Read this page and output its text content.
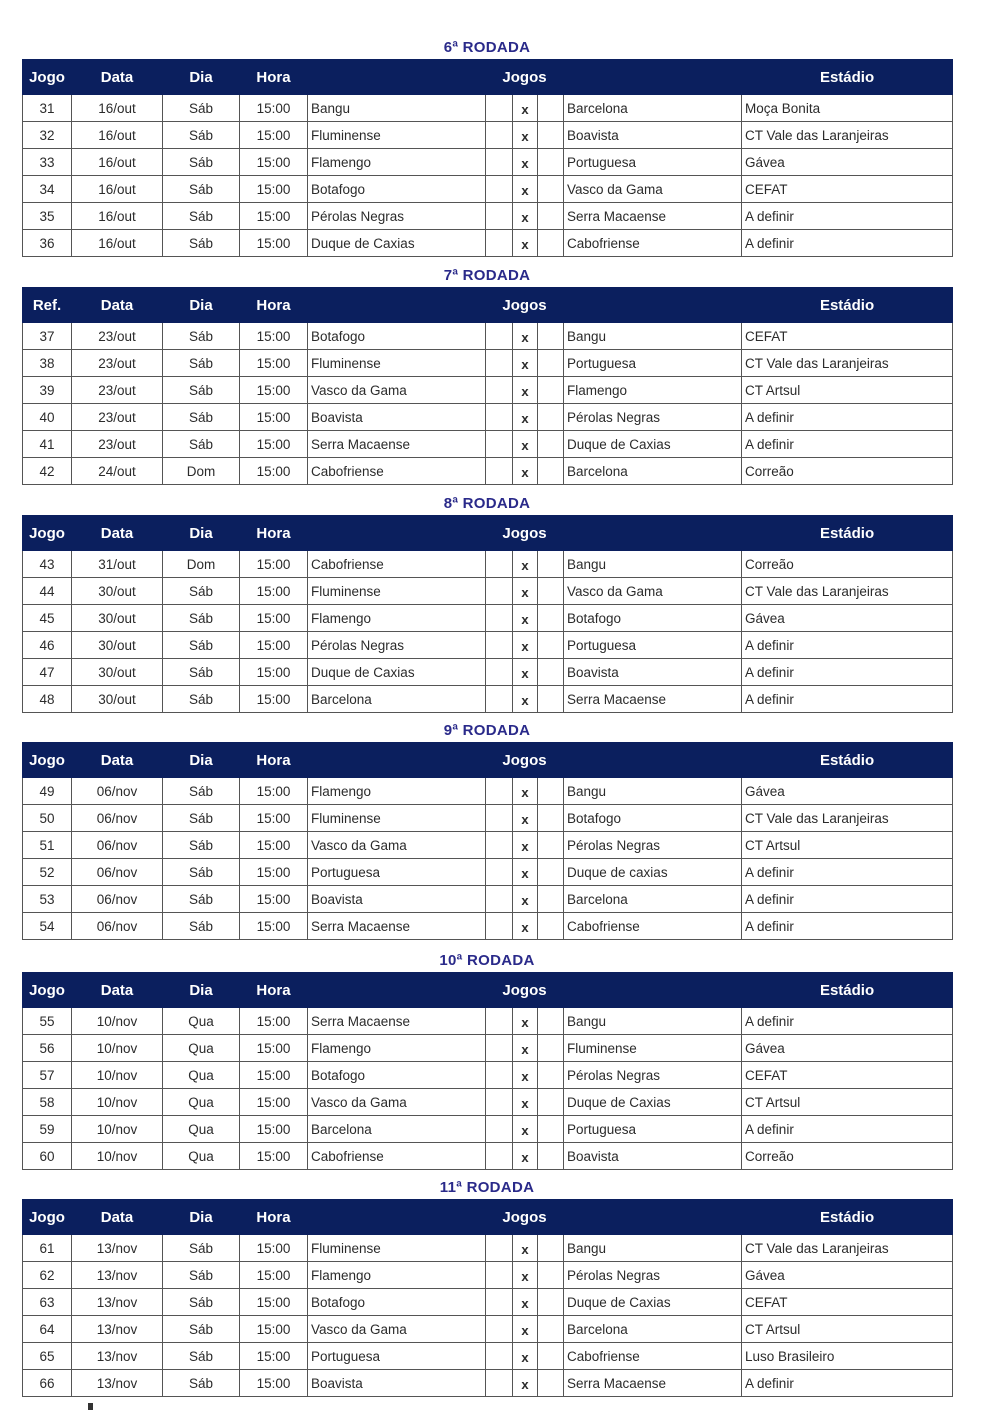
6ª RODADA
Jogo	Data	Dia	Hora	Jogos					Estádio
31	16/out	Sáb	15:00	Bangu		x		Barcelona	Moça Bonita
32	16/out	Sáb	15:00	Fluminense		x		Boavista	CT Vale das Laranjeiras
33	16/out	Sáb	15:00	Flamengo		x		Portuguesa	Gávea
34	16/out	Sáb	15:00	Botafogo		x		Vasco da Gama	CEFAT
35	16/out	Sáb	15:00	Pérolas Negras		x		Serra Macaense	A definir
36	16/out	Sáb	15:00	Duque de Caxias		x		Cabofriense	A definir
7ª RODADA
Ref.	Data	Dia	Hora	Jogos					Estádio
37	23/out	Sáb	15:00	Botafogo		x		Bangu	CEFAT
38	23/out	Sáb	15:00	Fluminense		x		Portuguesa	CT Vale das Laranjeiras
39	23/out	Sáb	15:00	Vasco da Gama		x		Flamengo	CT Artsul
40	23/out	Sáb	15:00	Boavista		x		Pérolas Negras	A definir
41	23/out	Sáb	15:00	Serra Macaense		x		Duque de Caxias	A definir
42	24/out	Dom	15:00	Cabofriense		x		Barcelona	Correão
8ª RODADA
Jogo	Data	Dia	Hora	Jogos					Estádio
43	31/out	Dom	15:00	Cabofriense		x		Bangu	Correão
44	30/out	Sáb	15:00	Fluminense		x		Vasco da Gama	CT Vale das Laranjeiras
45	30/out	Sáb	15:00	Flamengo		x		Botafogo	Gávea
46	30/out	Sáb	15:00	Pérolas Negras		x		Portuguesa	A definir
47	30/out	Sáb	15:00	Duque de Caxias		x		Boavista	A definir
48	30/out	Sáb	15:00	Barcelona		x		Serra Macaense	A definir
9ª RODADA
Jogo	Data	Dia	Hora	Jogos					Estádio
49	06/nov	Sáb	15:00	Flamengo		x		Bangu	Gávea
50	06/nov	Sáb	15:00	Fluminense		x		Botafogo	CT Vale das Laranjeiras
51	06/nov	Sáb	15:00	Vasco da Gama		x		Pérolas Negras	CT Artsul
52	06/nov	Sáb	15:00	Portuguesa		x		Duque de caxias	A definir
53	06/nov	Sáb	15:00	Boavista		x		Barcelona	A definir
54	06/nov	Sáb	15:00	Serra Macaense		x		Cabofriense	A definir
10ª RODADA
Jogo	Data	Dia	Hora	Jogos					Estádio
55	10/nov	Qua	15:00	Serra Macaense		x		Bangu	A definir
56	10/nov	Qua	15:00	Flamengo		x		Fluminense	Gávea
57	10/nov	Qua	15:00	Botafogo		x		Pérolas Negras	CEFAT
58	10/nov	Qua	15:00	Vasco da Gama		x		Duque de Caxias	CT Artsul
59	10/nov	Qua	15:00	Barcelona		x		Portuguesa	A definir
60	10/nov	Qua	15:00	Cabofriense		x		Boavista	Correão
11ª RODADA
Jogo	Data	Dia	Hora	Jogos					Estádio
61	13/nov	Sáb	15:00	Fluminense		x		Bangu	CT Vale das Laranjeiras
62	13/nov	Sáb	15:00	Flamengo		x		Pérolas Negras	Gávea
63	13/nov	Sáb	15:00	Botafogo		x		Duque de Caxias	CEFAT
64	13/nov	Sáb	15:00	Vasco da Gama		x		Barcelona	CT Artsul
65	13/nov	Sáb	15:00	Portuguesa		x		Cabofriense	Luso Brasileiro
66	13/nov	Sáb	15:00	Boavista		x		Serra Macaense	A definir
